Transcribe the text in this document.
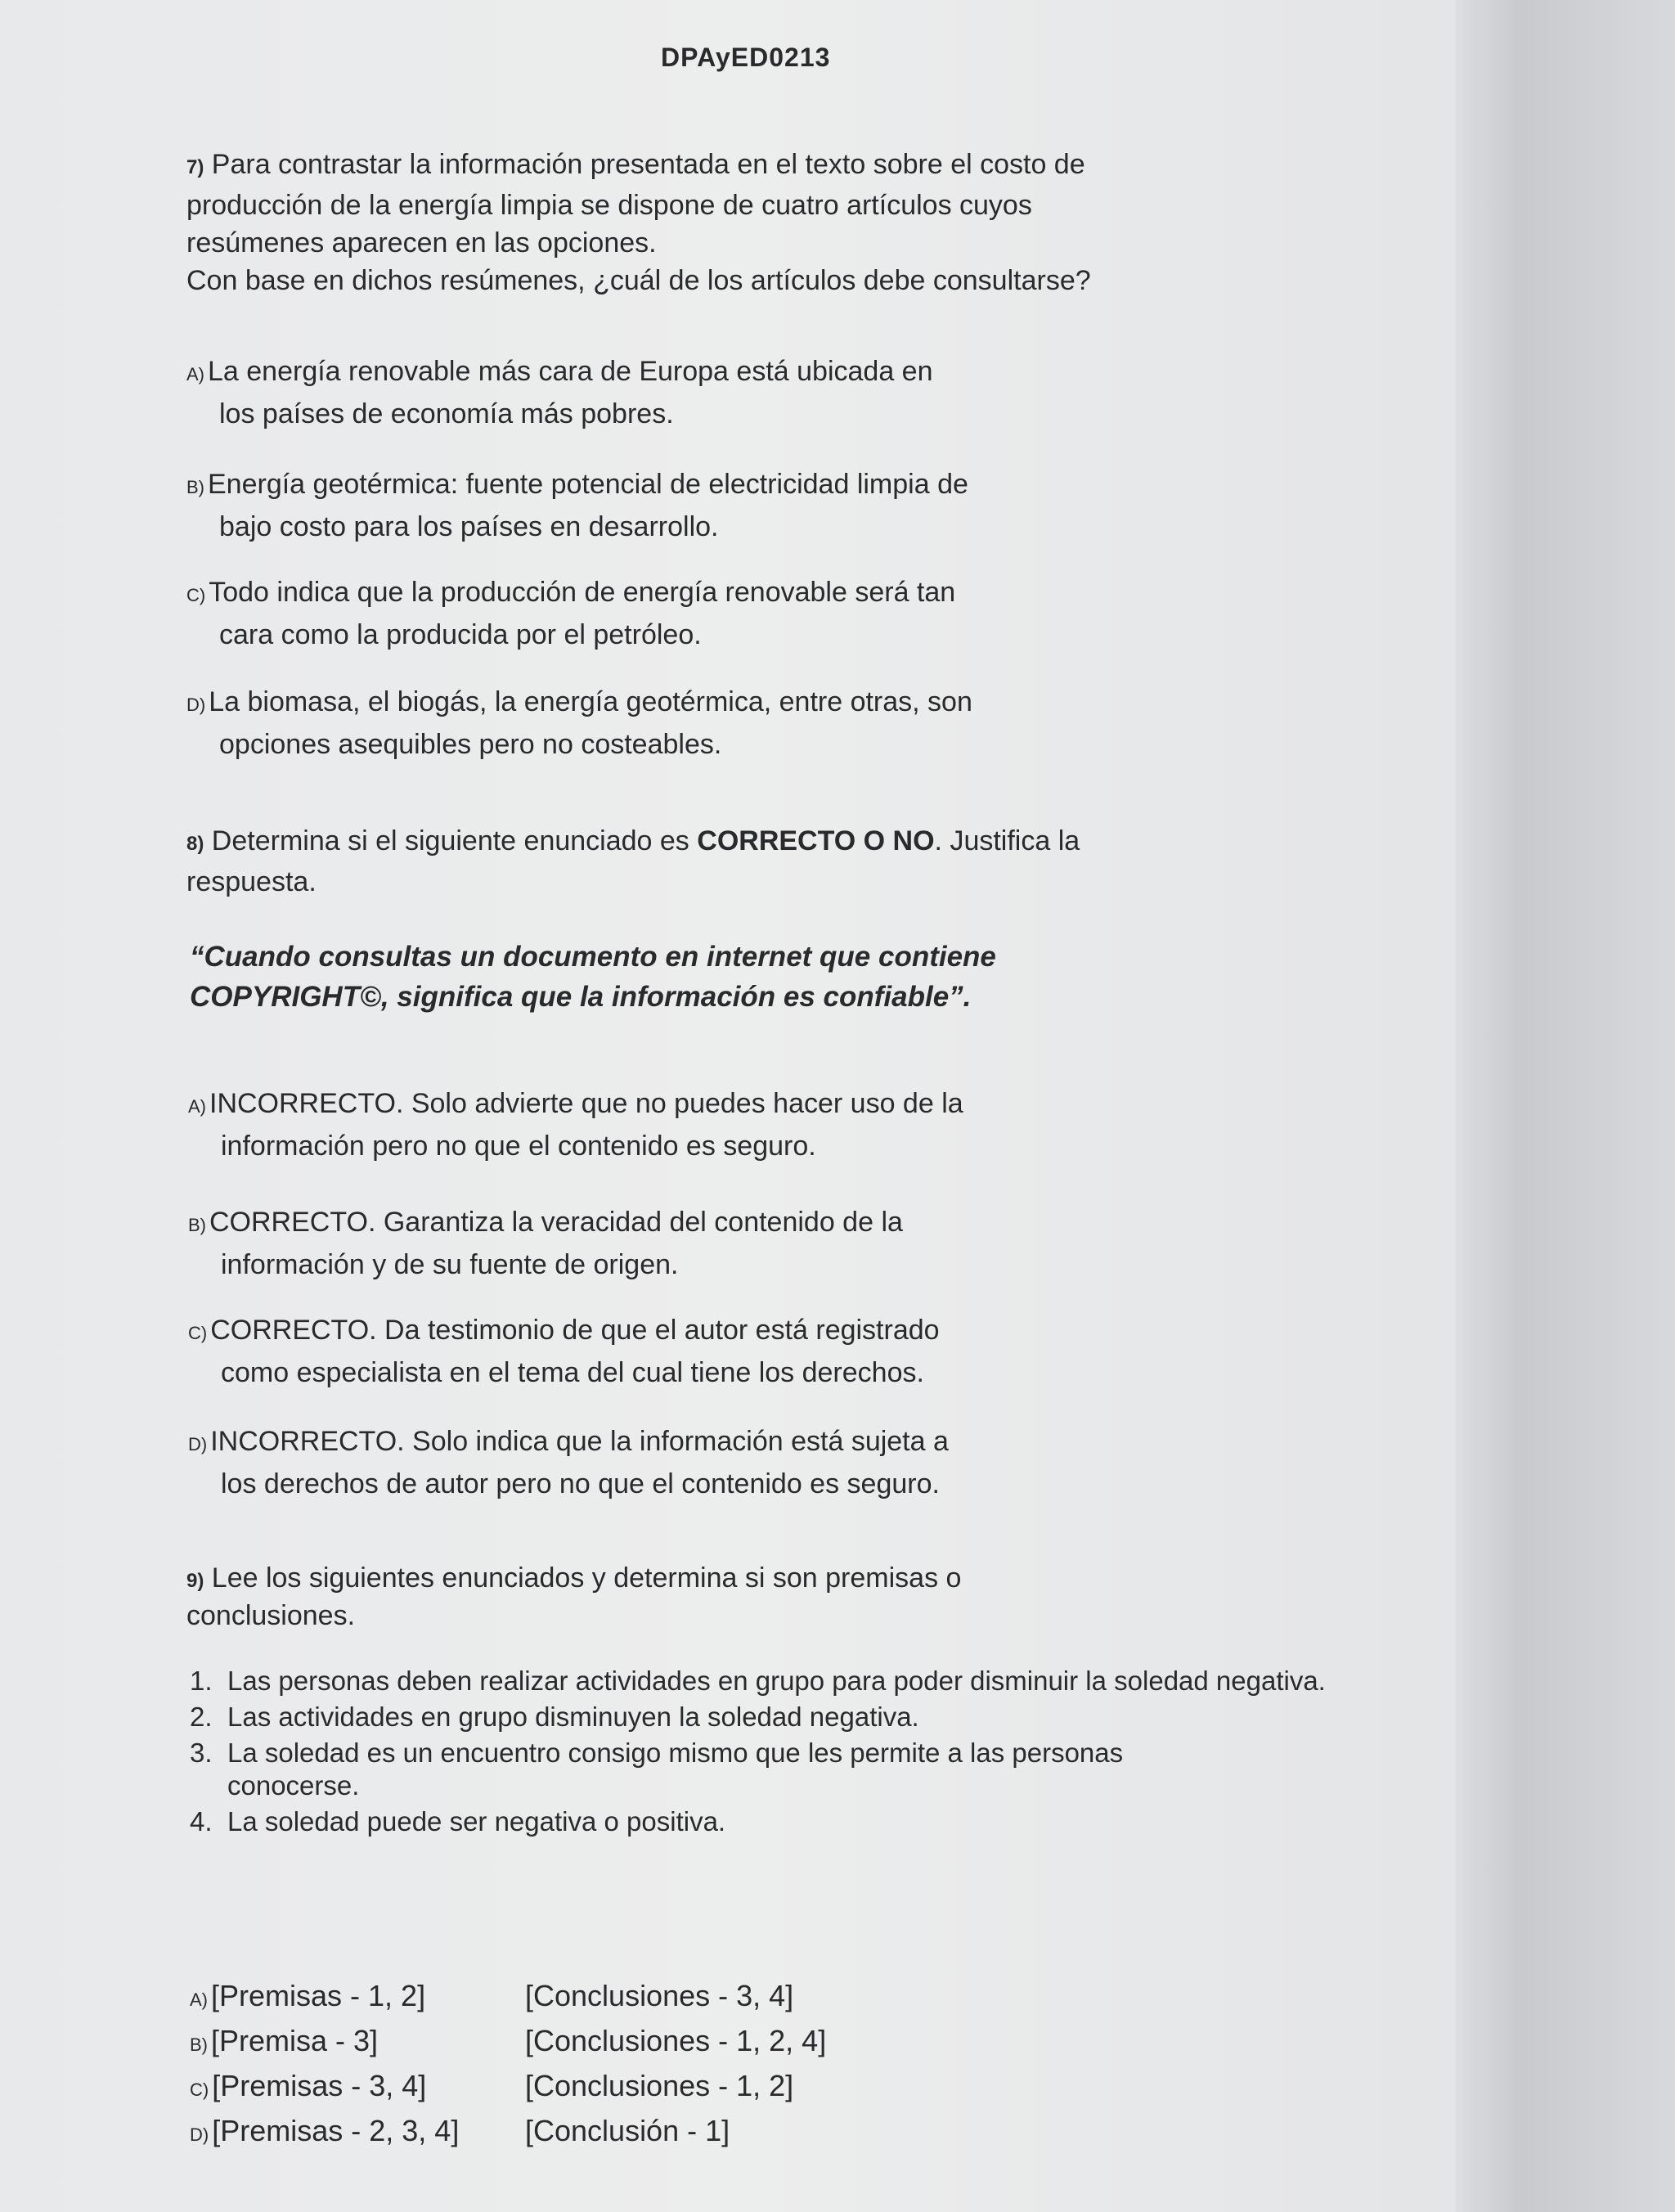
DPAyED0213
7) Para contrastar la información presentada en el texto sobre el costo de
producción de la energía limpia se dispone de cuatro artículos cuyos
resúmenes aparecen en las opciones.
Con base en dichos resúmenes, ¿cuál de los artículos debe consultarse?
A) La energía renovable más cara de Europa está ubicada en
los países de economía más pobres.
B) Energía geotérmica: fuente potencial de electricidad limpia de
bajo costo para los países en desarrollo.
C) Todo indica que la producción de energía renovable será tan
cara como la producida por el petróleo.
D) La biomasa, el biogás, la energía geotérmica, entre otras, son
opciones asequibles pero no costeables.
8) Determina si el siguiente enunciado es CORRECTO O NO. Justifica la
respuesta.
“Cuando consultas un documento en internet que contiene
COPYRIGHT©, significa que la información es confiable”.
A) INCORRECTO. Solo advierte que no puedes hacer uso de la
información pero no que el contenido es seguro.
B) CORRECTO. Garantiza la veracidad del contenido de la
información y de su fuente de origen.
C) CORRECTO. Da testimonio de que el autor está registrado
como especialista en el tema del cual tiene los derechos.
D) INCORRECTO. Solo indica que la información está sujeta a
los derechos de autor pero no que el contenido es seguro.
9) Lee los siguientes enunciados y determina si son premisas o
conclusiones.
1. Las personas deben realizar actividades en grupo para poder disminuir la soledad negativa.
2. Las actividades en grupo disminuyen la soledad negativa.
3. La soledad es un encuentro consigo mismo que les permite a las personas conocerse.
4. La soledad puede ser negativa o positiva.
A) [Premisas - 1, 2]	[Conclusiones - 3, 4]
B) [Premisa - 3]	[Conclusiones - 1, 2, 4]
C) [Premisas - 3, 4]	[Conclusiones - 1, 2]
D) [Premisas - 2, 3, 4]	[Conclusión - 1]
